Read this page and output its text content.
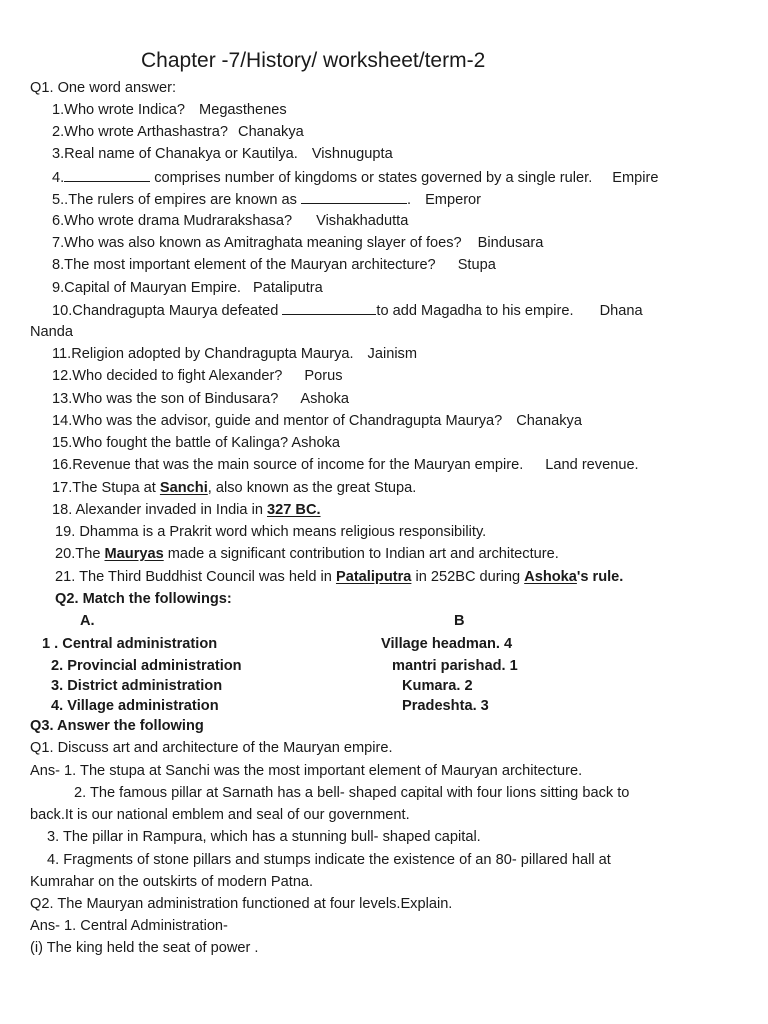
Chapter -7/History/ worksheet/term-2
Q1. One word answer:
1.Who wrote Indica? Megasthenes
2.Who wrote Arthashastra? Chanakya
3.Real name of Chanakya or Kautilya. Vishnugupta
4.	comprises number of kingdoms or states governed by a single ruler. Empire
5..The rulers of empires are known as	. Emperor
6.Who wrote drama Mudrarakshasa? Vishakhadutta
7.Who was also known as Amitraghata meaning slayer of foes? Bindusara
8.The most important element of the Mauryan architecture? Stupa
9.Capital of Mauryan Empire. Pataliputra
10.Chandragupta Maurya defeated	to add Magadha to his empire. Dhana
Nanda
11.Religion adopted by Chandragupta Maurya. Jainism
12.Who decided to fight Alexander? Porus
13.Who was the son of Bindusara? Ashoka
14.Who was the advisor, guide and mentor of Chandragupta Maurya? Chanakya
15.Who fought the battle of Kalinga? Ashoka
16.Revenue that was the main source of income for the Mauryan empire. Land revenue.
17.The Stupa at Sanchi, also known as the great Stupa.
18. Alexander invaded in India in 327 BC.
19. Dhamma is a Prakrit word which means religious responsibility.
20.The Mauryas made a significant contribution to Indian art and architecture.
21. The Third Buddhist Council was held in Pataliputra in 252BC during Ashoka's rule.
Q2. Match the followings:
A.	B
1 . Central administration	Village headman. 4
2. Provincial administration	mantri parishad. 1
3. District administration	Kumara. 2
4. Village administration	Pradeshta. 3
Q3. Answer the following
Q1. Discuss art and architecture of the Mauryan empire.
Ans- 1. The stupa at Sanchi was the most important element of Mauryan architecture.
2. The famous pillar at Sarnath has a bell- shaped capital with four lions sitting back to
back.It is our national emblem and seal of our government.
3. The pillar in Rampura, which has a stunning bull- shaped capital.
4. Fragments of stone pillars and stumps indicate the existence of an 80- pillared hall at
Kumrahar on the outskirts of modern Patna.
Q2. The Mauryan administration functioned at four levels.Explain.
Ans- 1. Central Administration-
(i) The king held the seat of power .
